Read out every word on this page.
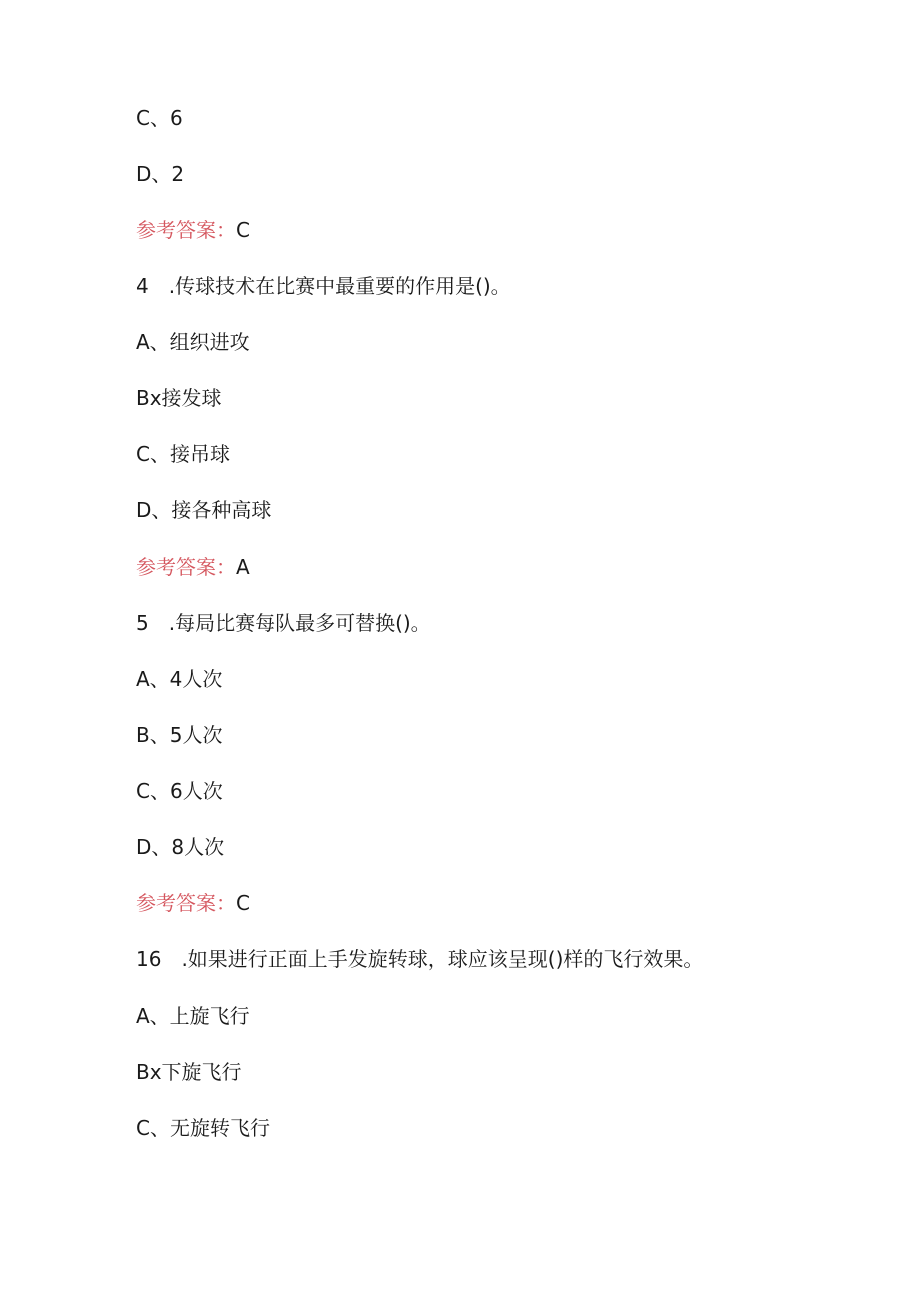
C、6
D、2
参考答案：C
4　.传球技术在比赛中最重要的作用是()。
A、组织进攻
Bx接发球
C、接吊球
D、接各种高球
参考答案：A
5　.每局比赛每队最多可替换()。
A、4人次
B、5人次
C、6人次
D、8人次
参考答案：C
16　.如果进行正面上手发旋转球，球应该呈现()样的飞行效果。
A、上旋飞行
Bx下旋飞行
C、无旋转飞行
